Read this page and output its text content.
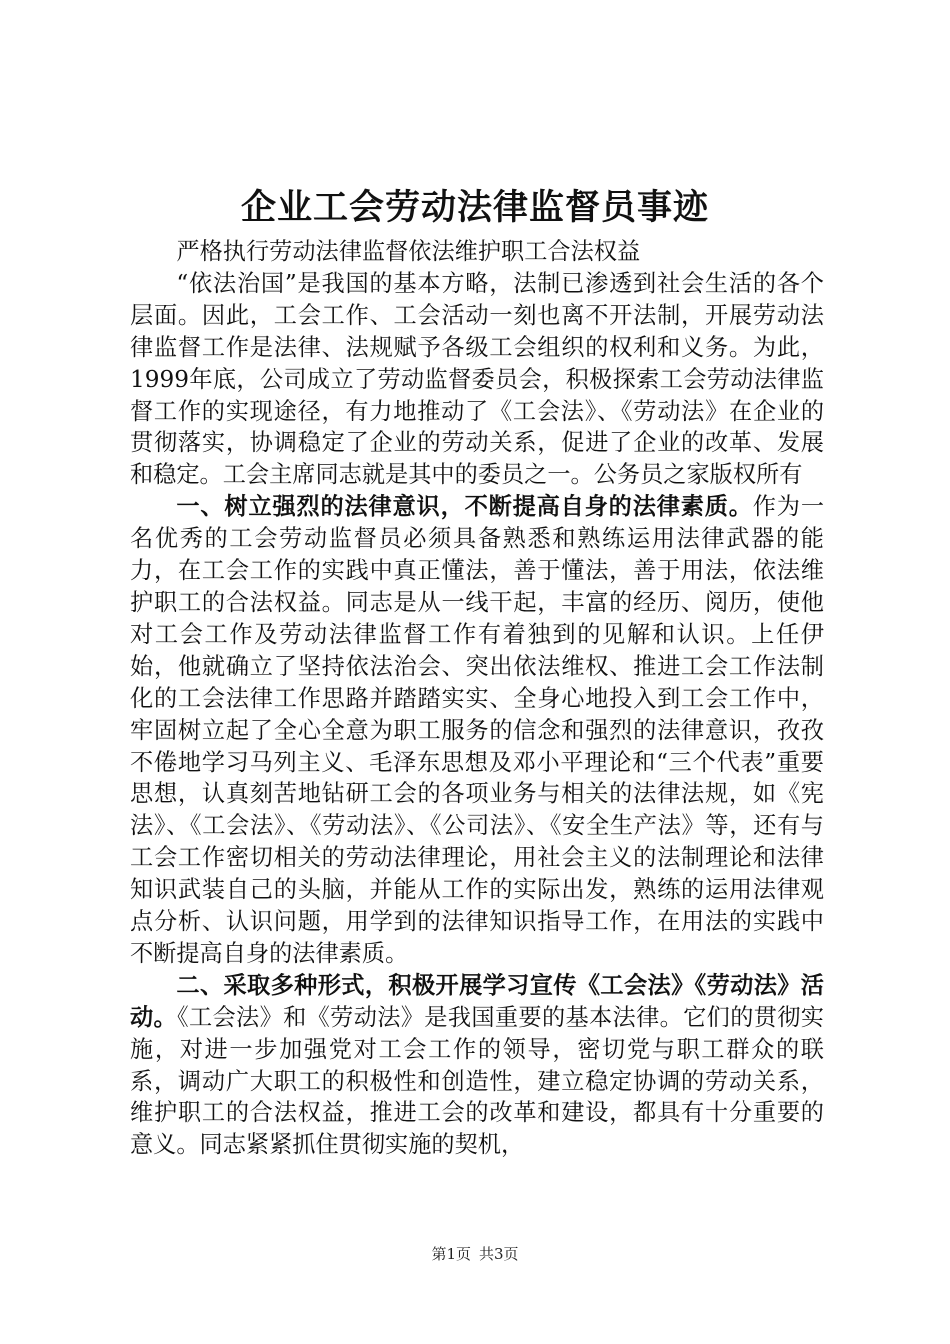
企业工会劳动法律监督员事迹

严格执行劳动法律监督依法维护职工合法权益

“依法治国”是我国的基本方略，法制已渗透到社会生活的各个层面。因此，工会工作、工会活动一刻也离不开法制，开展劳动法律监督工作是法律、法规赋予各级工会组织的权利和义务。为此，1999年底，公司成立了劳动监督委员会，积极探索工会劳动法律监督工作的实现途径，有力地推动了《工会法》、《劳动法》在企业的贯彻落实，协调稳定了企业的劳动关系，促进了企业的改革、发展和稳定。工会主席同志就是其中的委员之一。公务员之家版权所有

一、树立强烈的法律意识，不断提高自身的法律素质。作为一名优秀的工会劳动监督员必须具备熟悉和熟练运用法律武器的能力，在工会工作的实践中真正懂法，善于懂法，善于用法，依法维护职工的合法权益。同志是从一线干起，丰富的经历、阅历，使他对工会工作及劳动法律监督工作有着独到的见解和认识。上任伊始，他就确立了坚持依法治会、突出依法维权、推进工会工作法制化的工会法律工作思路并踏踏实实、全身心地投入到工会工作中，牢固树立起了全心全意为职工服务的信念和强烈的法律意识，孜孜不倦地学习马列主义、毛泽东思想及邓小平理论和“三个代表”重要思想，认真刻苦地钻研工会的各项业务与相关的法律法规，如《宪法》、《工会法》、《劳动法》、《公司法》、《安全生产法》等，还有与工会工作密切相关的劳动法律理论，用社会主义的法制理论和法律知识武装自己的头脑，并能从工作的实际出发，熟练的运用法律观点分析、认识问题，用学到的法律知识指导工作，在用法的实践中不断提高自身的法律素质。

二、采取多种形式，积极开展学习宣传《工会法》《劳动法》活动。《工会法》和《劳动法》是我国重要的基本法律。它们的贯彻实施，对进一步加强党对工会工作的领导，密切党与职工群众的联系，调动广大职工的积极性和创造性，建立稳定协调的劳动关系，维护职工的合法权益，推进工会的改革和建设，都具有十分重要的意义。同志紧紧抓住贯彻实施的契机，

第1页 共3页
